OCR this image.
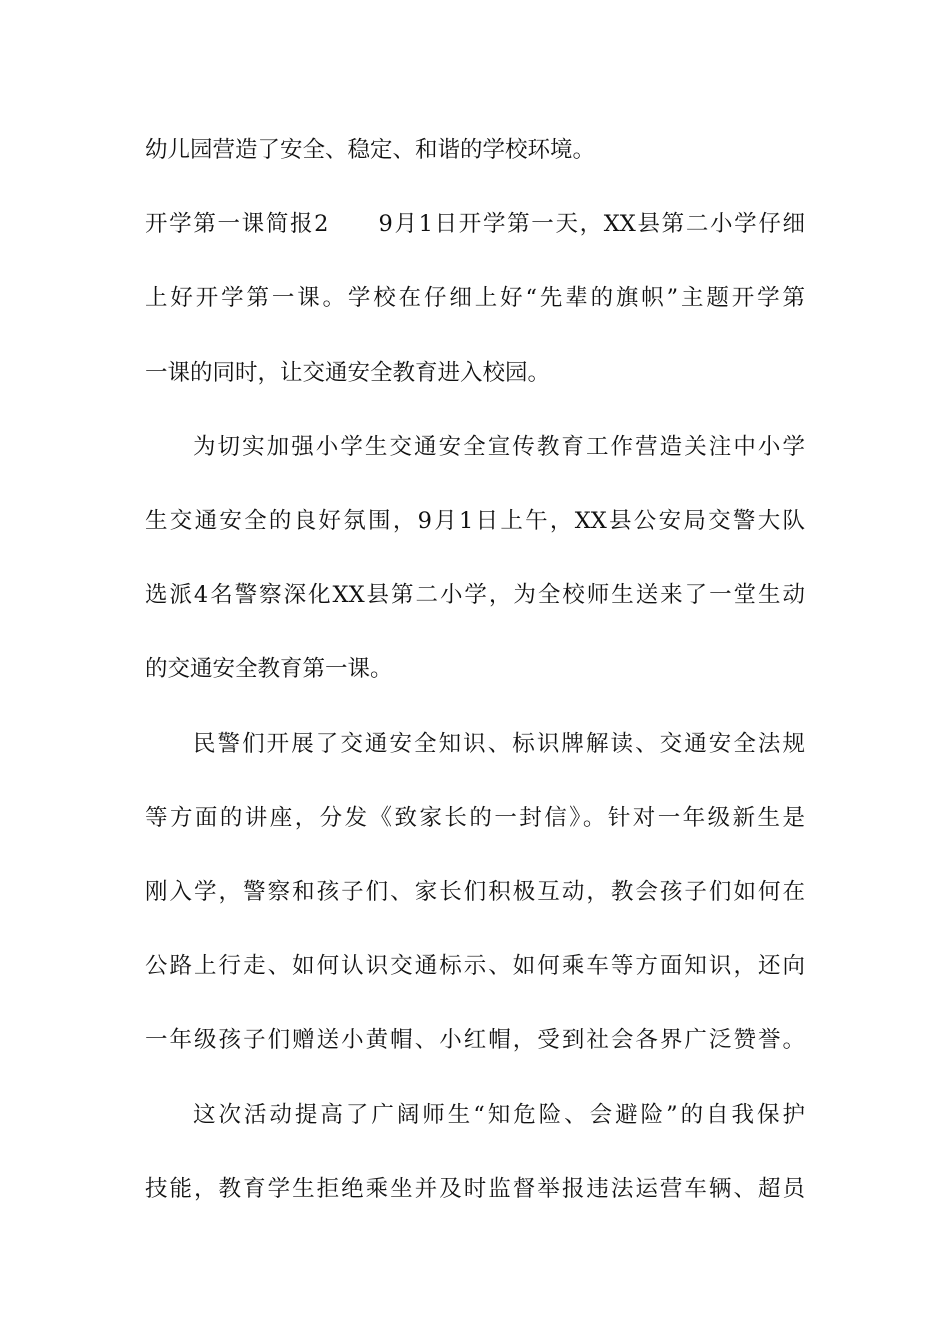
幼儿园营造了安全、稳定、和谐的学校环境。
开学第一课简报2　　9月1日开学第一天，XX县第二小学仔细
上好开学第一课。学校在仔细上好“先辈的旗帜”主题开学第
一课的同时，让交通安全教育进入校园。
为切实加强小学生交通安全宣传教育工作营造关注中小学
生交通安全的良好氛围，9月1日上午，XX县公安局交警大队
选派4名警察深化XX县第二小学，为全校师生送来了一堂生动
的交通安全教育第一课。
民警们开展了交通安全知识、标识牌解读、交通安全法规
等方面的讲座，分发《致家长的一封信》。针对一年级新生是
刚入学，警察和孩子们、家长们积极互动，教会孩子们如何在
公路上行走、如何认识交通标示、如何乘车等方面知识，还向
一年级孩子们赠送小黄帽、小红帽，受到社会各界广泛赞誉。
这次活动提高了广阔师生“知危险、会避险”的自我保护
技能，教育学生拒绝乘坐并及时监督举报违法运营车辆、超员
